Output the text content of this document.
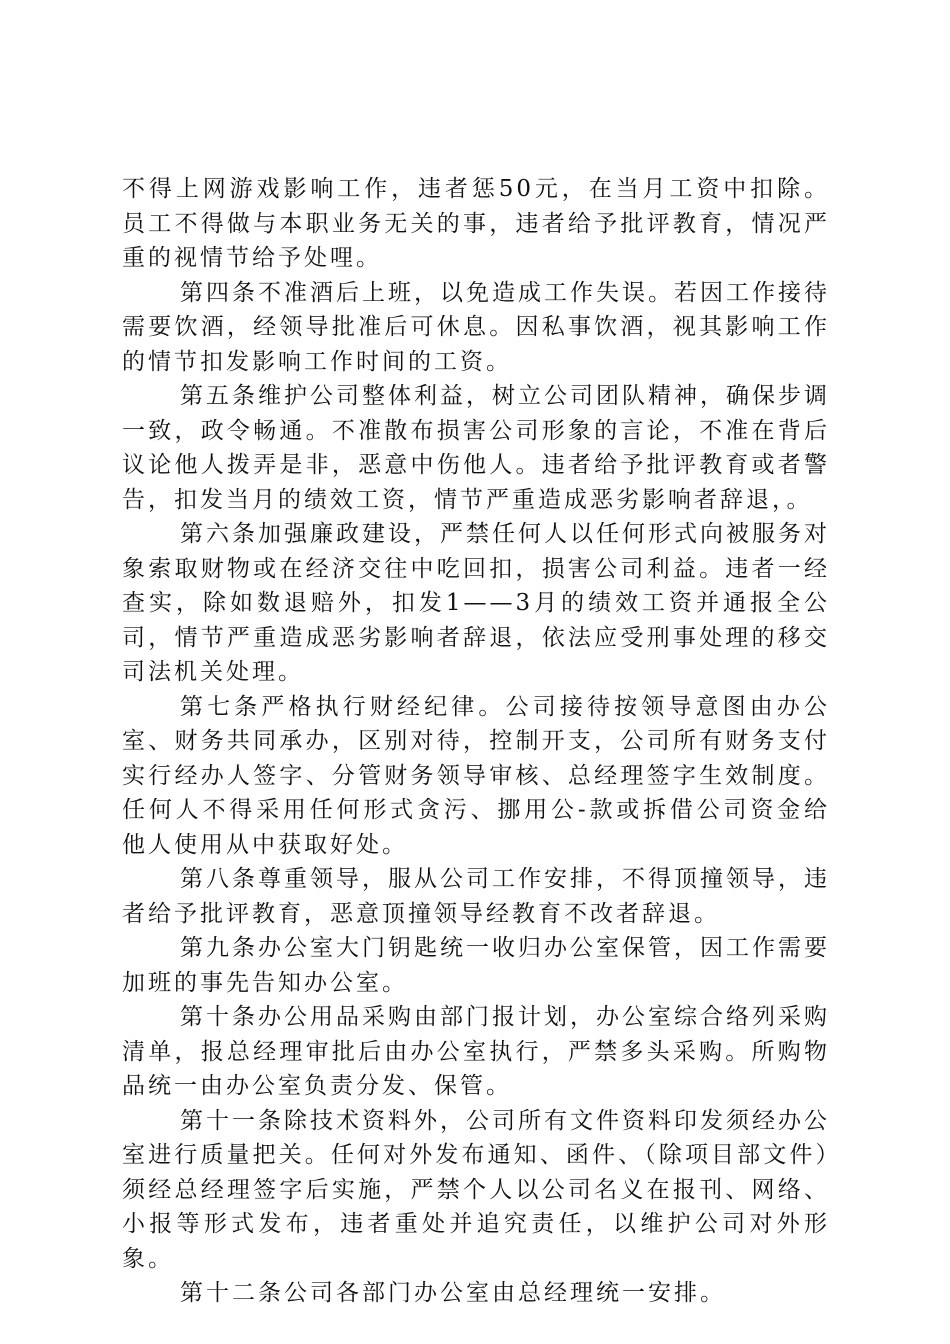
不得上网游戏影响工作，违者惩50元，在当月工资中扣除。员工不得做与本职业务无关的事，违者给予批评教育，情况严重的视情节给予处哩。

第四条不准酒后上班，以免造成工作失误。若因工作接待需要饮酒，经领导批准后可休息。因私事饮酒，视其影响工作的情节扣发影响工作时间的工资。

第五条维护公司整体利益，树立公司团队精神，确保步调一致，政令畅通。不准散布损害公司形象的言论，不准在背后议论他人拨弄是非，恶意中伤他人。违者给予批评教育或者警告，扣发当月的绩效工资，情节严重造成恶劣影响者辞退，。

第六条加强廉政建设，严禁任何人以任何形式向被服务对象索取财物或在经济交往中吃回扣，损害公司利益。违者一经查实，除如数退赔外，扣发1——3月的绩效工资并通报全公司，情节严重造成恶劣影响者辞退，依法应受刑事处理的移交司法机关处理。

第七条严格执行财经纪律。公司接待按领导意图由办公室、财务共同承办，区别对待，控制开支，公司所有财务支付实行经办人签字、分管财务领导审核、总经理签字生效制度。任何人不得采用任何形式贪污、挪用公-款或拆借公司资金给他人使用从中获取好处。

第八条尊重领导，服从公司工作安排，不得顶撞领导，违者给予批评教育，恶意顶撞领导经教育不改者辞退。

第九条办公室大门钥匙统一收归办公室保管，因工作需要加班的事先告知办公室。

第十条办公用品采购由部门报计划，办公室综合络列采购清单，报总经理审批后由办公室执行，严禁多头采购。所购物品统一由办公室负责分发、保管。

第十一条除技术资料外，公司所有文件资料印发须经办公室进行质量把关。任何对外发布通知、函件、（除项目部文件）须经总经理签字后实施，严禁个人以公司名义在报刊、网络、小报等形式发布，违者重处并追究责任，以维护公司对外形象。

第十二条公司各部门办公室由总经理统一安排。
